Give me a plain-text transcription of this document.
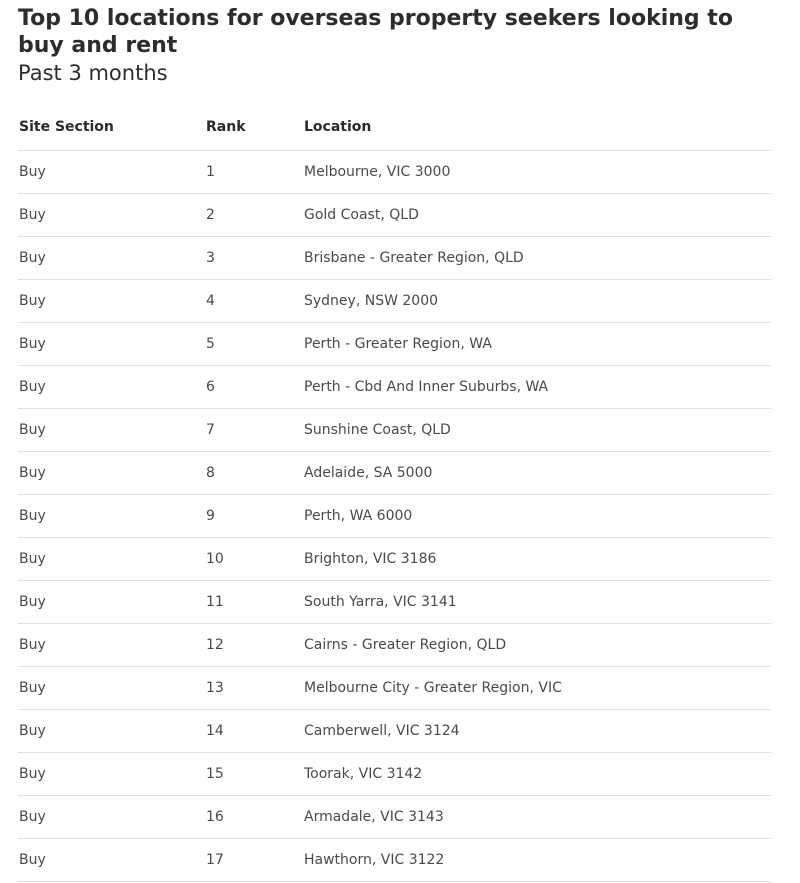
Top 10 locations for overseas property seekers looking to buy and rent
Past 3 months
Site Section	Rank	Location
Buy	1	Melbourne, VIC 3000
Buy	2	Gold Coast, QLD
Buy	3	Brisbane - Greater Region, QLD
Buy	4	Sydney, NSW 2000
Buy	5	Perth - Greater Region, WA
Buy	6	Perth - Cbd And Inner Suburbs, WA
Buy	7	Sunshine Coast, QLD
Buy	8	Adelaide, SA 5000
Buy	9	Perth, WA 6000
Buy	10	Brighton, VIC 3186
Buy	11	South Yarra, VIC 3141
Buy	12	Cairns - Greater Region, QLD
Buy	13	Melbourne City - Greater Region, VIC
Buy	14	Camberwell, VIC 3124
Buy	15	Toorak, VIC 3142
Buy	16	Armadale, VIC 3143
Buy	17	Hawthorn, VIC 3122
